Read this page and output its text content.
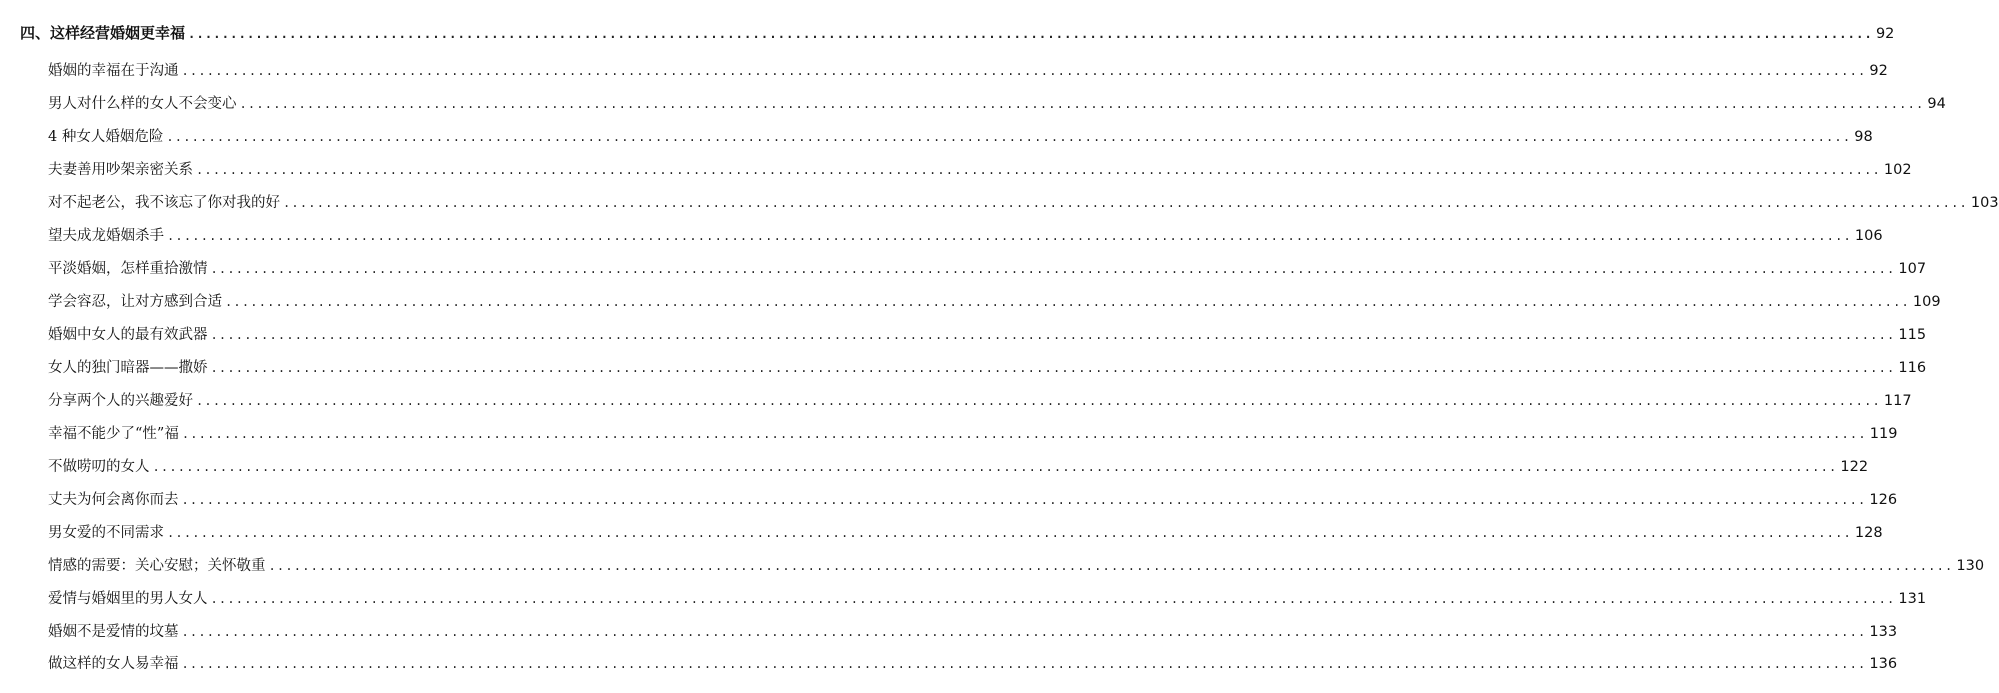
四、这样经营婚姻更幸福 ........................................................................................................................................................................................................ 92
婚姻的幸福在于沟通 ........................................................................................................................................................................................................ 92
男人对什么样的女人不会变心 ........................................................................................................................................................................................................ 94
4 种女人婚姻危险 ........................................................................................................................................................................................................ 98
夫妻善用吵架亲密关系 ........................................................................................................................................................................................................ 102
对不起老公，我不该忘了你对我的好 ........................................................................................................................................................................................................ 103
望夫成龙婚姻杀手 ........................................................................................................................................................................................................ 106
平淡婚姻，怎样重拾激情 ........................................................................................................................................................................................................ 107
学会容忍，让对方感到合适 ........................................................................................................................................................................................................ 109
婚姻中女人的最有效武器 ........................................................................................................................................................................................................ 115
女人的独门暗器——撒娇 ........................................................................................................................................................................................................ 116
分享两个人的兴趣爱好 ........................................................................................................................................................................................................ 117
幸福不能少了“性”福 ........................................................................................................................................................................................................ 119
不做唠叨的女人 ........................................................................................................................................................................................................ 122
丈夫为何会离你而去 ........................................................................................................................................................................................................ 126
男女爱的不同需求 ........................................................................................................................................................................................................ 128
情感的需要：关心安慰；关怀敬重 ........................................................................................................................................................................................................ 130
爱情与婚姻里的男人女人 ........................................................................................................................................................................................................ 131
婚姻不是爱情的坟墓 ........................................................................................................................................................................................................ 133
做这样的女人易幸福 ........................................................................................................................................................................................................ 136
